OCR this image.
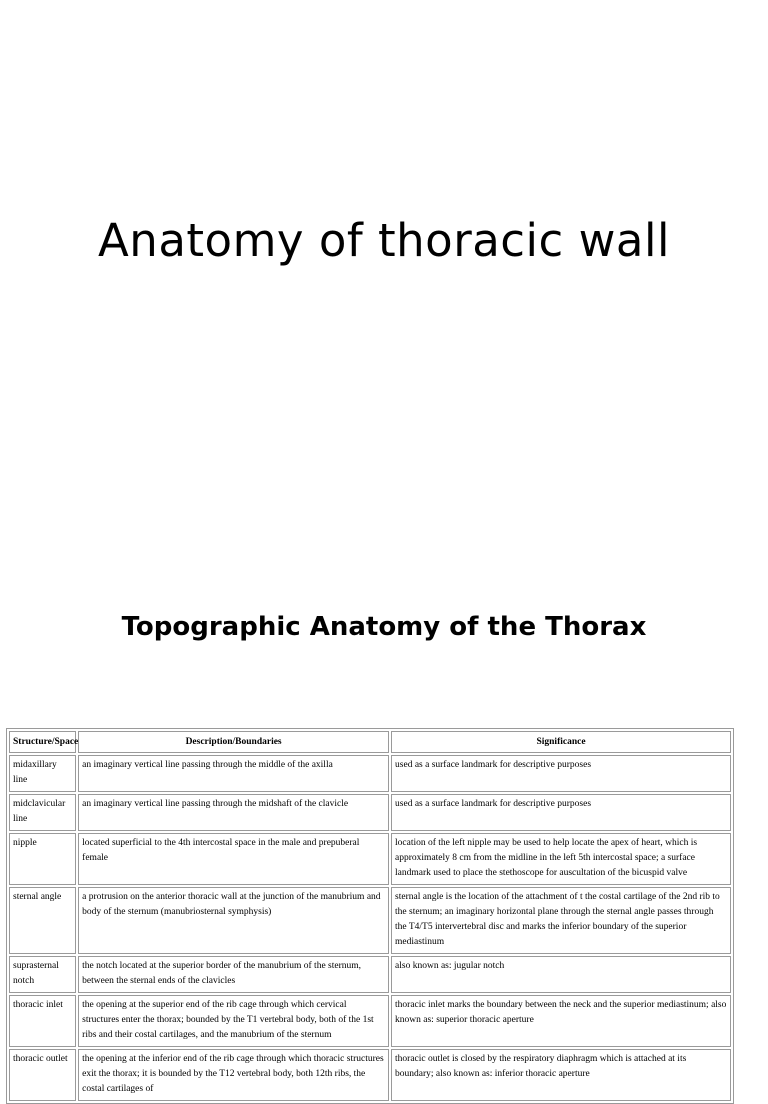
Anatomy of thoracic wall
Topographic Anatomy of the Thorax
Structure/Space	Description/Boundaries	Significance
midaxillary line	an imaginary vertical line passing through the middle of the axilla	used as a surface landmark for descriptive purposes
midclavicular line	an imaginary vertical line passing through the midshaft of the clavicle	used as a surface landmark for descriptive purposes
nipple	located superficial to the 4th intercostal space in the male and prepuberal female	location of the left nipple may be used to help locate the apex of heart, which is approximately 8 cm from the midline in the left 5th intercostal space; a surface landmark used to place the stethoscope for auscultation of the bicuspid valve
sternal angle	a protrusion on the anterior thoracic wall at the junction of the manubrium and body of the sternum (manubriosternal symphysis)	sternal angle is the location of the attachment of t the costal cartilage of the 2nd rib to the sternum; an imaginary horizontal plane through the sternal angle passes through the T4/T5 intervertebral disc and marks the inferior boundary of the superior mediastinum
suprasternal notch	the notch located at the superior border of the manubrium of the sternum, between the sternal ends of the clavicles	also known as: jugular notch
thoracic inlet	the opening at the superior end of the rib cage through which cervical structures enter the thorax; bounded by the T1 vertebral body, both of the 1st ribs and their costal cartilages, and the manubrium of the sternum	thoracic inlet marks the boundary between the neck and the superior mediastinum; also known as: superior thoracic aperture
thoracic outlet	the opening at the inferior end of the rib cage through which thoracic structures exit the thorax; it is bounded by the T12 vertebral body, both 12th ribs, the costal cartilages of	thoracic outlet is closed by the respiratory diaphragm which is attached at its boundary; also known as: inferior thoracic aperture
